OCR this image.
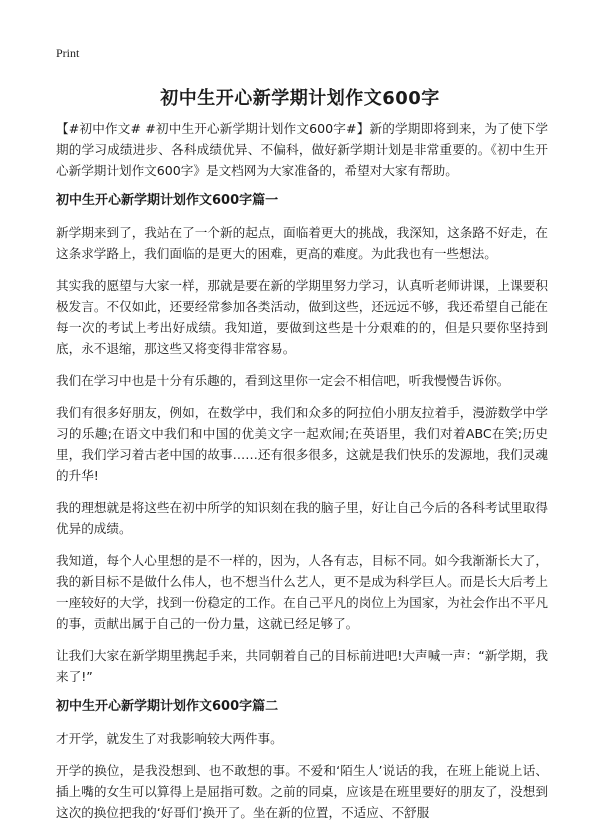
Print
初中生开心新学期计划作文600字

【#初中作文# #初中生开心新学期计划作文600字#】新的学期即将到来，为了使下学期的学习成绩进步、各科成绩优异、不偏科，做好新学期计划是非常重要的。《初中生开心新学期计划作文600字》是文档网为大家准备的，希望对大家有帮助。

初中生开心新学期计划作文600字篇一

新学期来到了，我站在了一个新的起点，面临着更大的挑战，我深知，这条路不好走，在这条求学路上，我们面临的是更大的困难，更高的难度。为此我也有一些想法。

其实我的愿望与大家一样，那就是要在新的学期里努力学习，认真听老师讲课，上课要积极发言。不仅如此，还要经常参加各类活动，做到这些，还远远不够，我还希望自己能在每一次的考试上考出好成绩。我知道，要做到这些是十分艰难的的，但是只要你坚持到底，永不退缩，那这些又将变得非常容易。

我们在学习中也是十分有乐趣的，看到这里你一定会不相信吧，听我慢慢告诉你。

我们有很多好朋友，例如，在数学中，我们和众多的阿拉伯小朋友拉着手，漫游数学中学习的乐趣;在语文中我们和中国的优美文字一起欢闹;在英语里，我们对着ABC在笑;历史里，我们学习着古老中国的故事……还有很多很多，这就是我们快乐的发源地，我们灵魂的升华!

我的理想就是将这些在初中所学的知识刻在我的脑子里，好让自己今后的各科考试里取得优异的成绩。

我知道，每个人心里想的是不一样的，因为，人各有志，目标不同。如今我渐渐长大了，我的新目标不是做什么伟人，也不想当什么艺人，更不是成为科学巨人。而是长大后考上一座较好的大学，找到一份稳定的工作。在自己平凡的岗位上为国家，为社会作出不平凡的事，贡献出属于自己的一份力量，这就已经足够了。

让我们大家在新学期里携起手来，共同朝着自己的目标前进吧!大声喊一声：“新学期，我来了!”

初中生开心新学期计划作文600字篇二

才开学，就发生了对我影响较大两件事。

开学的换位，是我没想到、也不敢想的事。不爱和‘陌生人’说话的我，在班上能说上话、插上嘴的女生可以算得上是屈指可数。之前的同桌，应该是在班里要好的朋友了，没想到这次的换位把我的‘好哥们’换开了。坐在新的位置，不适应、不舒服
